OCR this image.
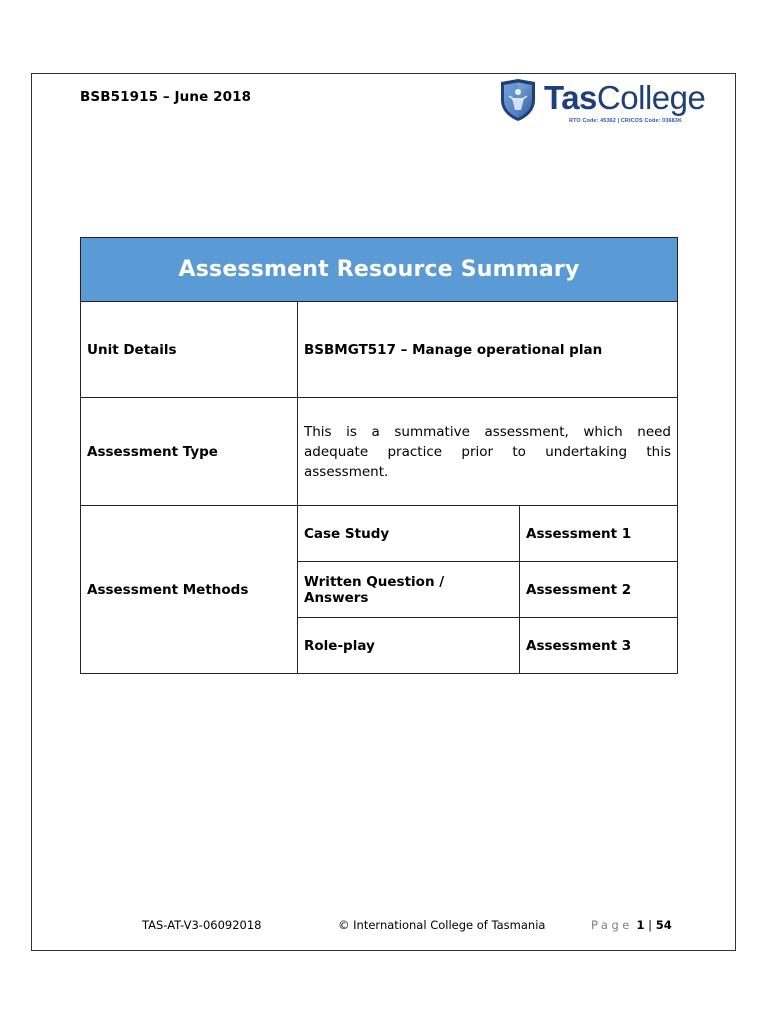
BSB51915 – June 2018	TasCollege
RTO Code: 45362 | CRICOS Code: 03683K
Assessment Resource Summary		
Unit Details	BSBMGT517 – Manage operational plan	
Assessment Type	This is a summative assessment, which need adequate practice prior to undertaking this assessment.	
Assessment Methods	Case Study	Assessment 1
	Written Question / Answers	Assessment 2
	Role-play	Assessment 3
TAS-AT-V3-06092018	© International College of Tasmania	Page 1 | 54
